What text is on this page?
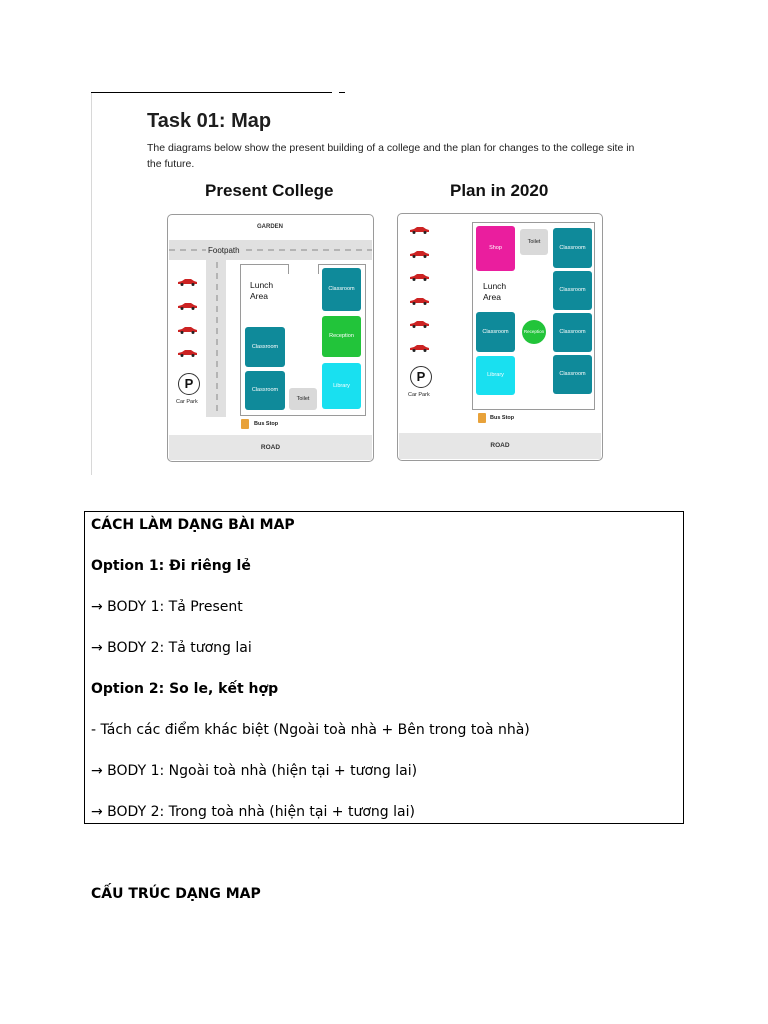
Task 01: Map
The diagrams below show the present building of a college and the plan for changes to the college site in the future.
Present College
GARDEN
Footpath
Lunch Area
Classroom
Reception
Library
Classroom
Classroom
Toilet
P
Car Park
Bus Stop
ROAD
Plan in 2020
Shop
Toilet
Lunch Area
Classroom	Reception
Library
Classroom
Classroom
Classroom
Classroom
P
Car Park
Bus Stop
ROAD
CÁCH LÀM DẠNG BÀI MAP
Option 1: Đi riêng lẻ
→ BODY 1: Tả Present
→ BODY 2: Tả tương lai
Option 2: So le, kết hợp
- Tách các điểm khác biệt (Ngoài toà nhà + Bên trong toà nhà)
→ BODY 1: Ngoài toà nhà (hiện tại + tương lai)
→ BODY 2: Trong toà nhà (hiện tại + tương lai)
CẤU TRÚC DẠNG MAP
